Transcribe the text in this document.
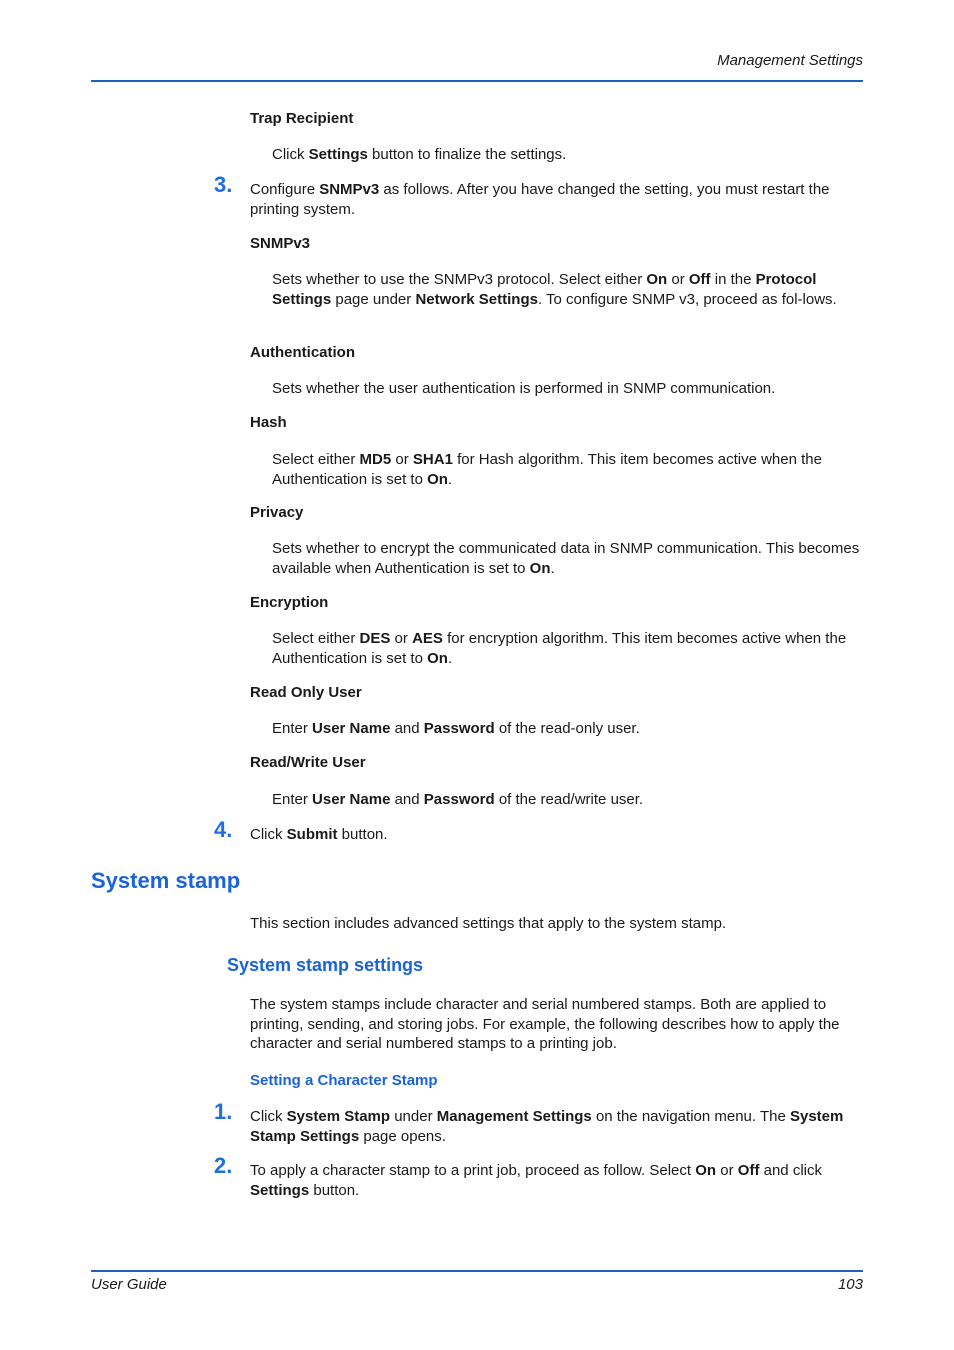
Management Settings
Trap Recipient
Click Settings button to finalize the settings.
3. Configure SNMPv3 as follows. After you have changed the setting, you must restart the printing system.
SNMPv3
Sets whether to use the SNMPv3 protocol. Select either On or Off in the Protocol Settings page under Network Settings. To configure SNMP v3, proceed as fol-lows.
Authentication
Sets whether the user authentication is performed in SNMP communication.
Hash
Select either MD5 or SHA1 for Hash algorithm. This item becomes active when the Authentication is set to On.
Privacy
Sets whether to encrypt the communicated data in SNMP communication. This becomes available when Authentication is set to On.
Encryption
Select either DES or AES for encryption algorithm. This item becomes active when the Authentication is set to On.
Read Only User
Enter User Name and Password of the read-only user.
Read/Write User
Enter User Name and Password of the read/write user.
4. Click Submit button.
System stamp
This section includes advanced settings that apply to the system stamp.
System stamp settings
The system stamps include character and serial numbered stamps. Both are applied to printing, sending, and storing jobs. For example, the following describes how to apply the character and serial numbered stamps to a printing job.
Setting a Character Stamp
1. Click System Stamp under Management Settings on the navigation menu. The System Stamp Settings page opens.
2. To apply a character stamp to a print job, proceed as follow. Select On or Off and click Settings button.
User Guide	103
